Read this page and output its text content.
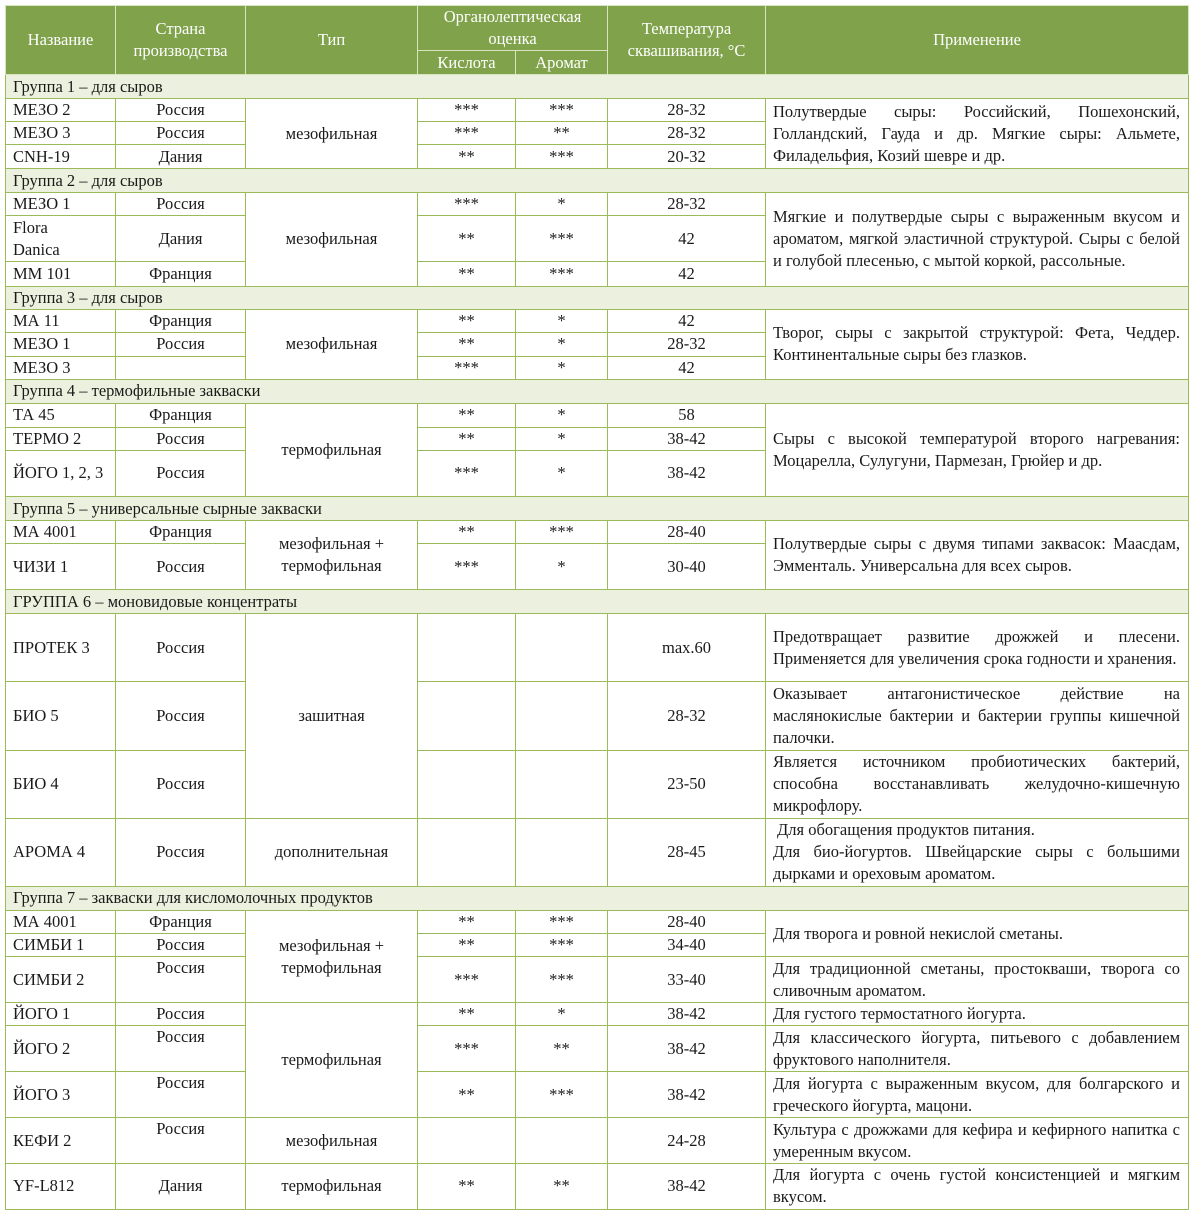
Название	Страна производства	Тип	Органолептическая оценка		Температура сквашивания, °С	Применение
			Кислота	Аромат		
Группа 1 – для сыров						
МЕЗО 2	Россия	мезофильная	***	***	28-32	Полутвердые сыры: Российский, Пошехонский, Голландский, Гауда и др. Мягкие сыры: Альмете, Филадельфия, Козий шевре и др.
МЕЗО 3	Россия		***	**	28-32	
CNH-19	Дания		**	***	20-32	
Группа 2 – для сыров						
МЕЗО 1	Россия	мезофильная	***	*	28-32	Мягкие и полутвердые сыры с выраженным вкусом и ароматом, мягкой эластичной структурой. Сыры с белой и голубой плесенью, с мытой коркой, рассольные.
Flora Danica	Дания		**	***	42	
ММ 101	Франция		**	***	42	
Группа 3 – для сыров						
МА 11	Франция	мезофильная	**	*	42	Творог, сыры с закрытой структурой: Фета, Чеддер. Континентальные сыры без глазков.
МЕЗО 1	Россия		**	*	28-32	
МЕЗО 3			***	*	42	
Группа 4 – термофильные закваски						
ТА 45	Франция	термофильная	**	*	58	Сыры с высокой температурой второго нагревания: Моцарелла, Сулугуни, Пармезан, Грюйер и др.
ТЕРМО 2	Россия		**	*	38-42	
ЙОГО 1, 2, 3	Россия		***	*	38-42	
Группа 5 – универсальные сырные закваски						
МА 4001	Франция	мезофильная + термофильная	**	***	28-40	Полутвердые сыры с двумя типами заквасок: Маасдам, Эмменталь. Универсальна для всех сыров.
ЧИЗИ 1	Россия		***	*	30-40	
ГРУППА 6 – моновидовые концентраты						
ПРОТЕК 3	Россия	зашитная			max.60	Предотвращает развитие дрожжей и плесени. Применяется для увеличения срока годности и хранения.
БИО 5	Россия				28-32	Оказывает антагонистическое действие на маслянокислые бактерии и бактерии группы кишечной палочки.
БИО 4	Россия				23-50	Является источником пробиотических бактерий, способна восстанавливать желудочно-кишечную микрофлору.
АРОМА 4	Россия	дополнительная			28-45	Для обогащения продуктов питания.
Для био-йогуртов. Швейцарские сыры с большими дырками и ореховым ароматом.

Группа 7 – закваски для кисломолочных продуктов						
МА 4001	Франция	мезофильная + термофильная	**	***	28-40	Для творога и ровной некислой сметаны.
СИМБИ 1	Россия		**	***	34-40	
СИМБИ 2	Россия		***	***	33-40	Для традиционной сметаны, простокваши, творога со сливочным ароматом.
ЙОГО 1	Россия	термофильная	**	*	38-42	Для густого термостатного йогурта.
ЙОГО 2	Россия		***	**	38-42	Для классического йогурта, питьевого с добавлением фруктового наполнителя.
ЙОГО 3	Россия		**	***	38-42	Для йогурта с выраженным вкусом, для болгарского и греческого йогурта, мацони.
КЕФИ 2	Россия	мезофильная			24-28	Культура с дрожжами для кефира и кефирного напитка с умеренным вкусом.
YF-L812	Дания	термофильная	**	**	38-42	Для йогурта с очень густой консистенцией и мягким вкусом.
